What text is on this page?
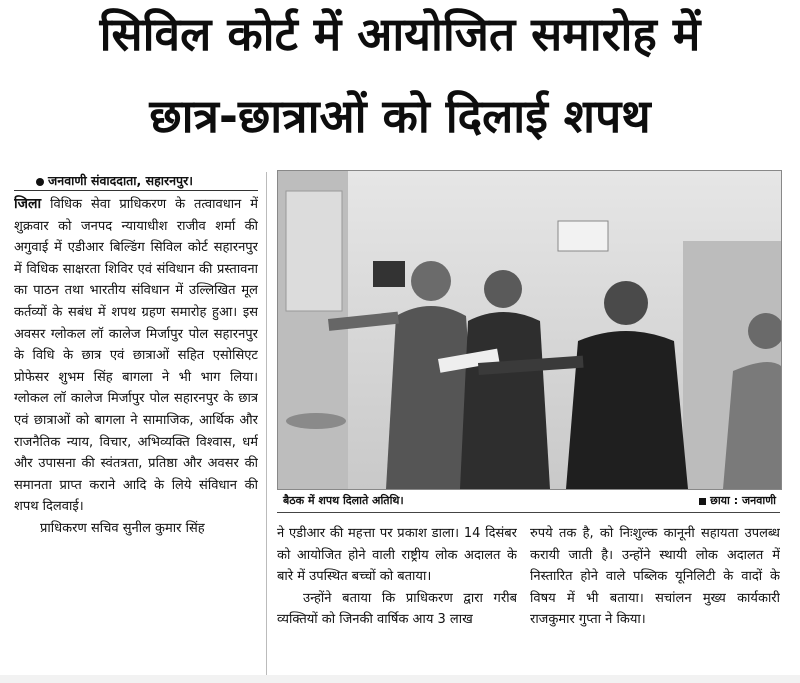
सिविल कोर्ट में आयोजित समारोह में
छात्र-छात्राओं को दिलाई शपथ
जनवाणी संवाददाता, सहारनपुर।

जिला विधिक सेवा प्राधिकरण के तत्वावधान में शुक्रवार को जनपद न्यायाधीश राजीव शर्मा की अगुवाई में एडीआर बिल्डिंग सिविल कोर्ट सहारनपुर में विधिक साक्षरता शिविर एवं संविधान की प्रस्तावना का पाठन तथा भारतीय संविधान में उल्लिखित मूल कर्तव्यों के सबंध में शपथ ग्रहण समारोह हुआ। इस अवसर ग्लोकल लॉ कालेज मिर्जापुर पोल सहारनपुर के विधि के छात्र एवं छात्राओं सहित एसोसिएट प्रोफेसर शुभम सिंह बागला ने भी भाग लिया। ग्लोकल लॉ कालेज मिर्जापुर पोल सहारनपुर के छात्र एवं छात्राओं को बागला ने सामाजिक, आर्थिक और राजनैतिक न्याय, विचार, अभिव्यक्ति विश्वास, धर्म और उपासना की स्वंतत्रता, प्रतिष्ठा और अवसर की समानता प्राप्त कराने आदि के लिये संविधान की शपथ दिलवाई।

प्राधिकरण सचिव सुनील कुमार सिंह

बैठक में शपथ दिलाते अतिथि।	छाया : जनवाणी

ने एडीआर की महत्ता पर प्रकाश डाला। 14 दिसंबर को आयोजित होने वाली राष्ट्रीय लोक अदालत के बारे में उपस्थित बच्चों को बताया।

उन्होंने बताया कि प्राधिकरण द्वारा गरीब व्यक्तियों को जिनकी वार्षिक आय 3 लाख

रुपये तक है, को निःशुल्क कानूनी सहायता उपलब्ध करायी जाती है। उन्होंने स्थायी लोक अदालत में निस्तारित होने वाले पब्लिक यूनिलिटी के वादों के विषय में भी बताया। सचांलन मुख्य कार्यकारी राजकुमार गुप्ता ने किया।
